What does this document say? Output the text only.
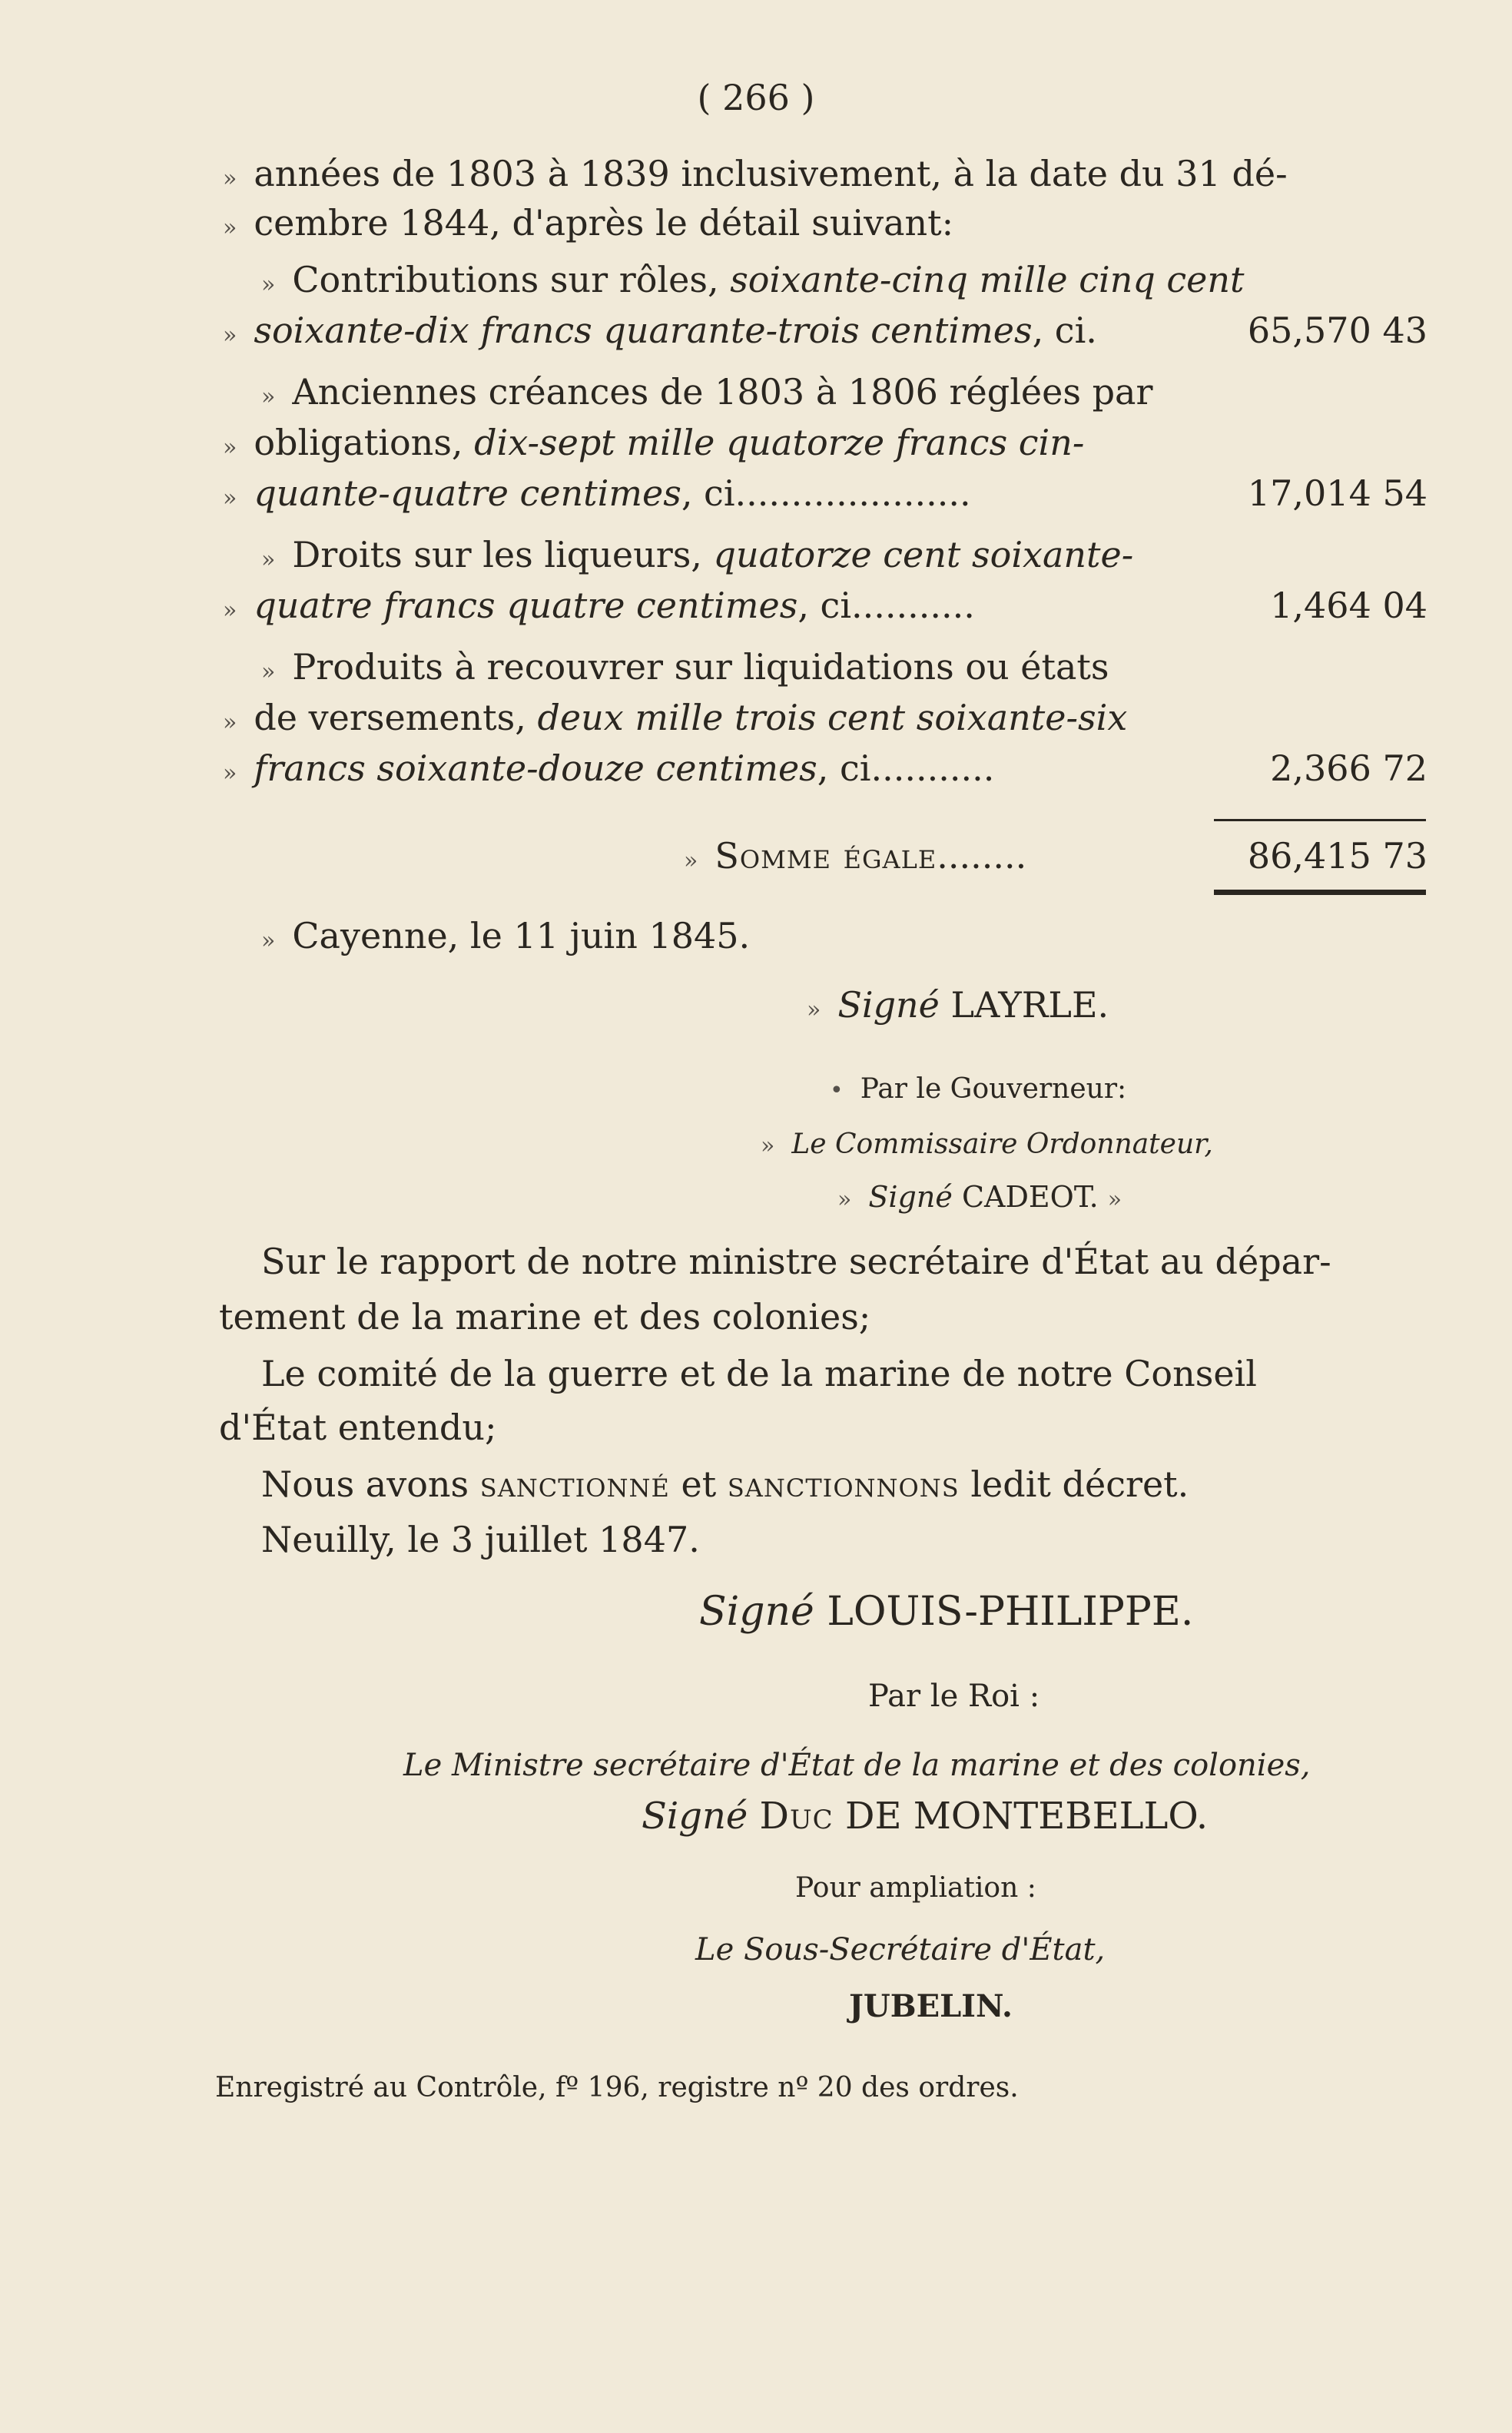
( 266 )
» années de 1803 à 1839 inclusivement, à la date du 31 dé-
» cembre 1844, d'après le détail suivant:
» Contributions sur rôles, soixante-cinq mille cinq cent
» soixante-dix francs quarante-trois centimes, ci.	65,570 43
» Anciennes créances de 1803 à 1806 réglées par
» obligations, dix-sept mille quatorze francs cin-
» quante-quatre centimes, ci.....................	17,014 54
» Droits sur les liqueurs, quatorze cent soixante-
» quatre francs quatre centimes, ci...........	1,464 04
» Produits à recouvrer sur liquidations ou états
» de versements, deux mille trois cent soixante-six
» francs soixante-douze centimes, ci...........	2,366 72
» Somme égale........	86,415 73
» Cayenne, le 11 juin 1845.
» Signé LAYRLE.
• Par le Gouverneur:
» Le Commissaire Ordonnateur,
» Signé CADEOT. »
Sur le rapport de notre ministre secrétaire d'État au dépar-
tement de la marine et des colonies;
Le comité de la guerre et de la marine de notre Conseil
d'État entendu;
Nous avons sanctionné et sanctionnons ledit décret.
Neuilly, le 3 juillet 1847.
Signé LOUIS-PHILIPPE.
Par le Roi :
Le Ministre secrétaire d'État de la marine et des colonies,
Signé Duc DE MONTEBELLO.
Pour ampliation :
Le Sous-Secrétaire d'État,
JUBELIN.
Enregistré au Contrôle, fº 196, registre nº 20 des ordres.
